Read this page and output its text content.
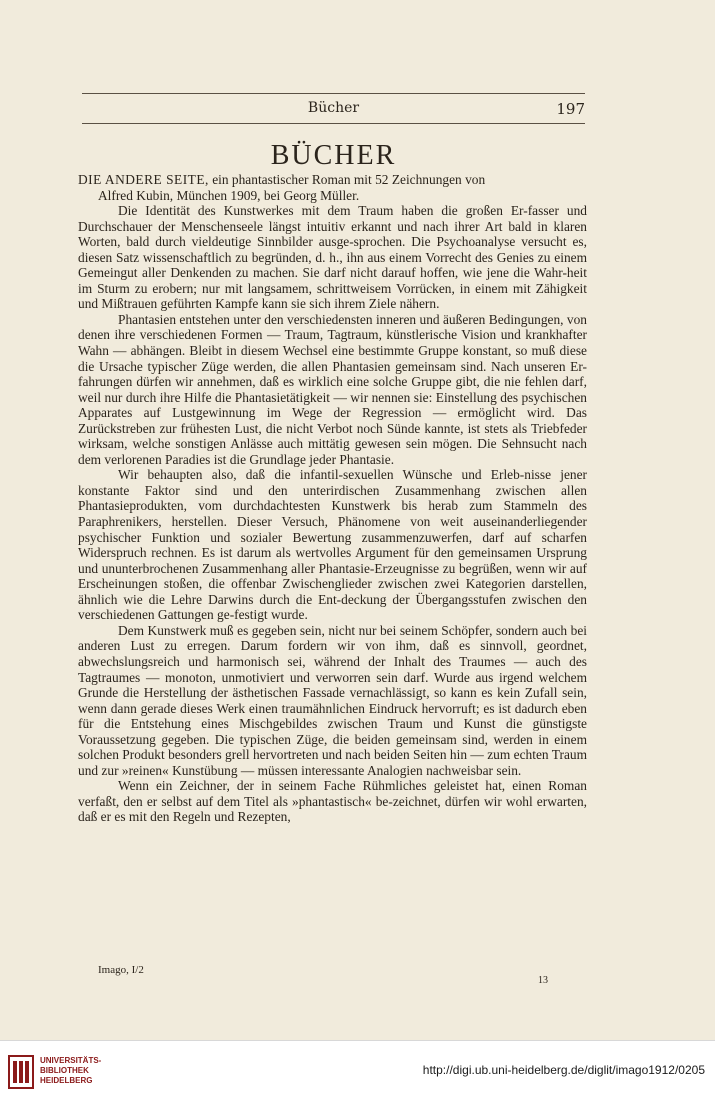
Bücher	197
BÜCHER

DIE ANDERE SEITE, ein phantastischer Roman mit 52 Zeichnungen von
Alfred Kubin, München 1909, bei Georg Müller.

Die Identität des Kunstwerkes mit dem Traum haben die großen Er-fasser und Durchschauer der Menschenseele längst intuitiv erkannt und nach ihrer Art bald in klaren Worten, bald durch vieldeutige Sinnbilder ausge-sprochen. Die Psychoanalyse versucht es, diesen Satz wissenschaftlich zu begründen, d. h., ihn aus einem Vorrecht des Genies zu einem Gemeingut aller Denkenden zu machen. Sie darf nicht darauf hoffen, wie jene die Wahr-heit im Sturm zu erobern; nur mit langsamem, schrittweisem Vorrücken, in einem mit Zähigkeit und Mißtrauen geführten Kampfe kann sie sich ihrem Ziele nähern.

Phantasien entstehen unter den verschiedensten inneren und äußeren Bedingungen, von denen ihre verschiedenen Formen — Traum, Tagtraum, künstlerische Vision und krankhafter Wahn — abhängen. Bleibt in diesem Wechsel eine bestimmte Gruppe konstant, so muß diese die Ursache typischer Züge werden, die allen Phantasien gemeinsam sind. Nach unseren Er-fahrungen dürfen wir annehmen, daß es wirklich eine solche Gruppe gibt, die nie fehlen darf, weil nur durch ihre Hilfe die Phantasietätigkeit — wir nennen sie: Einstellung des psychischen Apparates auf Lustgewinnung im Wege der Regression — ermöglicht wird. Das Zurückstreben zur frühesten Lust, die nicht Verbot noch Sünde kannte, ist stets als Triebfeder wirksam, welche sonstigen Anlässe auch mittätig gewesen sein mögen. Die Sehnsucht nach dem verlorenen Paradies ist die Grundlage jeder Phantasie.

Wir behaupten also, daß die infantil-sexuellen Wünsche und Erleb-nisse jener konstante Faktor sind und den unterirdischen Zusammenhang zwischen allen Phantasieprodukten, vom durchdachtesten Kunstwerk bis herab zum Stammeln des Paraphrenikers, herstellen. Dieser Versuch, Phänomene von weit auseinanderliegender psychischer Funktion und sozialer Bewertung zusammenzuwerfen, darf auf scharfen Widerspruch rechnen. Es ist darum als wertvolles Argument für den gemeinsamen Ursprung und ununterbrochenen Zusammenhang aller Phantasie-Erzeugnisse zu begrüßen, wenn wir auf Erscheinungen stoßen, die offenbar Zwischenglieder zwischen zwei Kategorien darstellen, ähnlich wie die Lehre Darwins durch die Ent-deckung der Übergangsstufen zwischen den verschiedenen Gattungen ge-festigt wurde.

Dem Kunstwerk muß es gegeben sein, nicht nur bei seinem Schöpfer, sondern auch bei anderen Lust zu erregen. Darum fordern wir von ihm, daß es sinnvoll, geordnet, abwechslungsreich und harmonisch sei, während der Inhalt des Traumes — auch des Tagtraumes — monoton, unmotiviert und verworren sein darf. Wurde aus irgend welchem Grunde die Herstellung der ästhetischen Fassade vernachlässigt, so kann es kein Zufall sein, wenn dann gerade dieses Werk einen traumähnlichen Eindruck hervorruft; es ist dadurch eben für die Entstehung eines Mischgebildes zwischen Traum und Kunst die günstigste Voraussetzung gegeben. Die typischen Züge, die beiden gemeinsam sind, werden in einem solchen Produkt besonders grell hervortreten und nach beiden Seiten hin — zum echten Traum und zur »reinen« Kunstübung — müssen interessante Analogien nachweisbar sein.

Wenn ein Zeichner, der in seinem Fache Rühmliches geleistet hat, einen Roman verfaßt, den er selbst auf dem Titel als »phantastisch« be-zeichnet, dürfen wir wohl erwarten, daß er es mit den Regeln und Rezepten,

Imago, I/2
13
UNIVERSITÄTS-
BIBLIOTHEK
HEIDELBERG
http://digi.ub.uni-heidelberg.de/diglit/imago1912/0205
